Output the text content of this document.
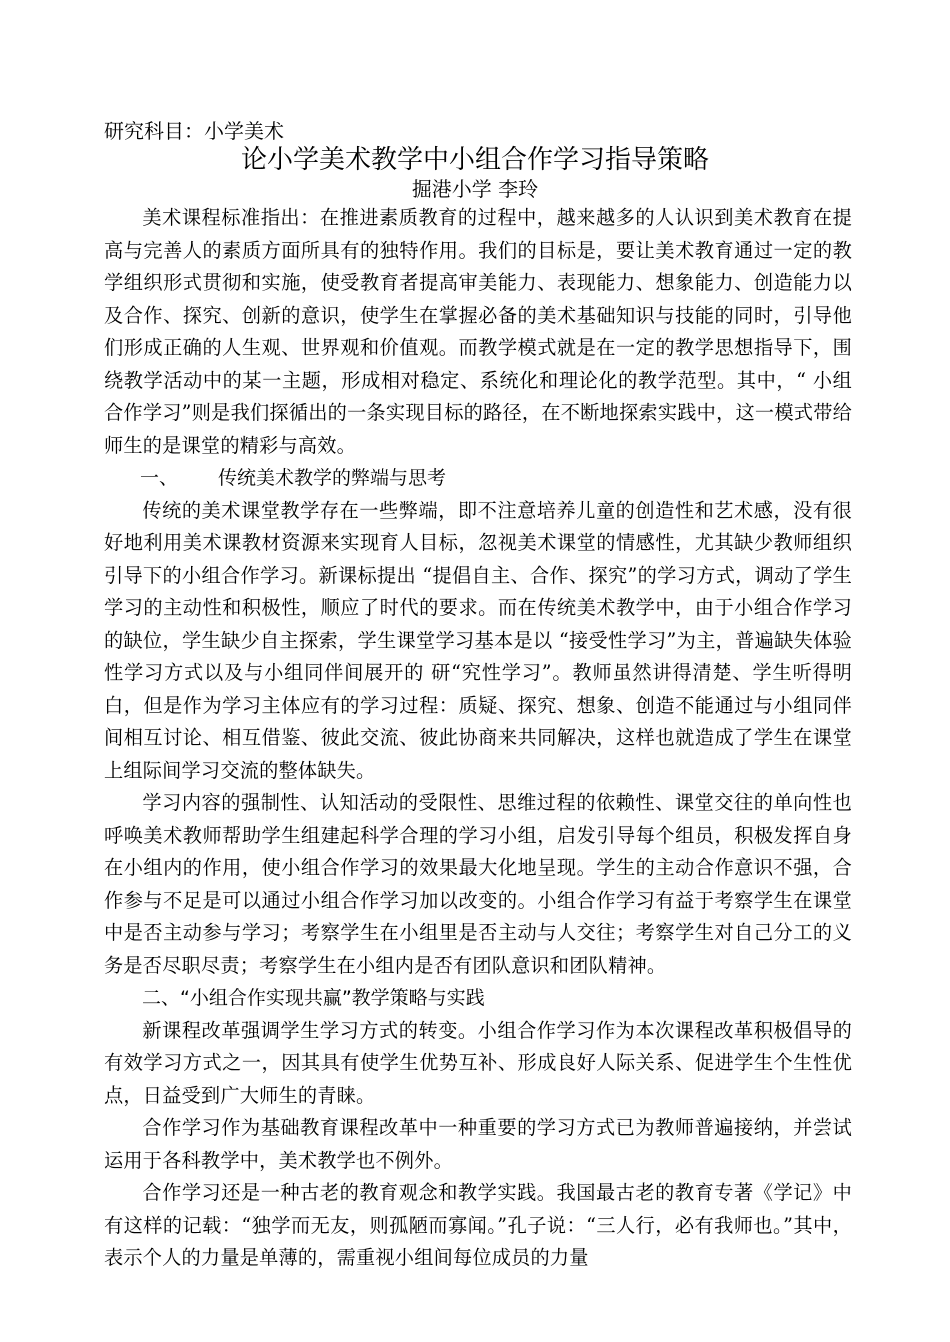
研究科目：小学美术
论小学美术教学中小组合作学习指导策略
掘港小学 李玲

美术课程标准指出：在推进素质教育的过程中，越来越多的人认识到美术教育在提高与完善人的素质方面所具有的独特作用。我们的目标是，要让美术教育通过一定的教学组织形式贯彻和实施，使受教育者提高审美能力、表现能力、想象能力、创造能力以及合作、探究、创新的意识，使学生在掌握必备的美术基础知识与技能的同时，引导他们形成正确的人生观、世界观和价值观。而教学模式就是在一定的教学思想指导下，围绕教学活动中的某一主题，形成相对稳定、系统化和理论化的教学范型。其中，“ 小组合作学习”则是我们探循出的一条实现目标的路径，在不断地探索实践中，这一模式带给师生的是课堂的精彩与高效。

一、 传统美术教学的弊端与思考

传统的美术课堂教学存在一些弊端，即不注意培养儿童的创造性和艺术感，没有很好地利用美术课教材资源来实现育人目标，忽视美术课堂的情感性，尤其缺少教师组织引导下的小组合作学习。新课标提出 “提倡自主、合作、探究”的学习方式，调动了学生学习的主动性和积极性，顺应了时代的要求。而在传统美术教学中，由于小组合作学习的缺位，学生缺少自主探索，学生课堂学习基本是以 “接受性学习”为主，普遍缺失体验性学习方式以及与小组同伴间展开的 研“究性学习”。教师虽然讲得清楚、学生听得明白，但是作为学习主体应有的学习过程：质疑、探究、想象、创造不能通过与小组同伴间相互讨论、相互借鉴、彼此交流、彼此协商来共同解决，这样也就造成了学生在课堂上组际间学习交流的整体缺失。

学习内容的强制性、认知活动的受限性、思维过程的依赖性、课堂交往的单向性也呼唤美术教师帮助学生组建起科学合理的学习小组，启发引导每个组员，积极发挥自身在小组内的作用，使小组合作学习的效果最大化地呈现。学生的主动合作意识不强，合作参与不足是可以通过小组合作学习加以改变的。小组合作学习有益于考察学生在课堂中是否主动参与学习；考察学生在小组里是否主动与人交往；考察学生对自己分工的义务是否尽职尽责；考察学生在小组内是否有团队意识和团队精神。

二、“小组合作实现共赢”教学策略与实践

新课程改革强调学生学习方式的转变。小组合作学习作为本次课程改革积极倡导的有效学习方式之一，因其具有使学生优势互补、形成良好人际关系、促进学生个生性优点，日益受到广大师生的青睐。

合作学习作为基础教育课程改革中一种重要的学习方式已为教师普遍接纳，并尝试运用于各科教学中，美术教学也不例外。

合作学习还是一种古老的教育观念和教学实践。我国最古老的教育专著《学记》中有这样的记载：“独学而无友，则孤陋而寡闻。”孔子说：“三人行，必有我师也。”其中，表示个人的力量是单薄的，需重视小组间每位成员的力量
